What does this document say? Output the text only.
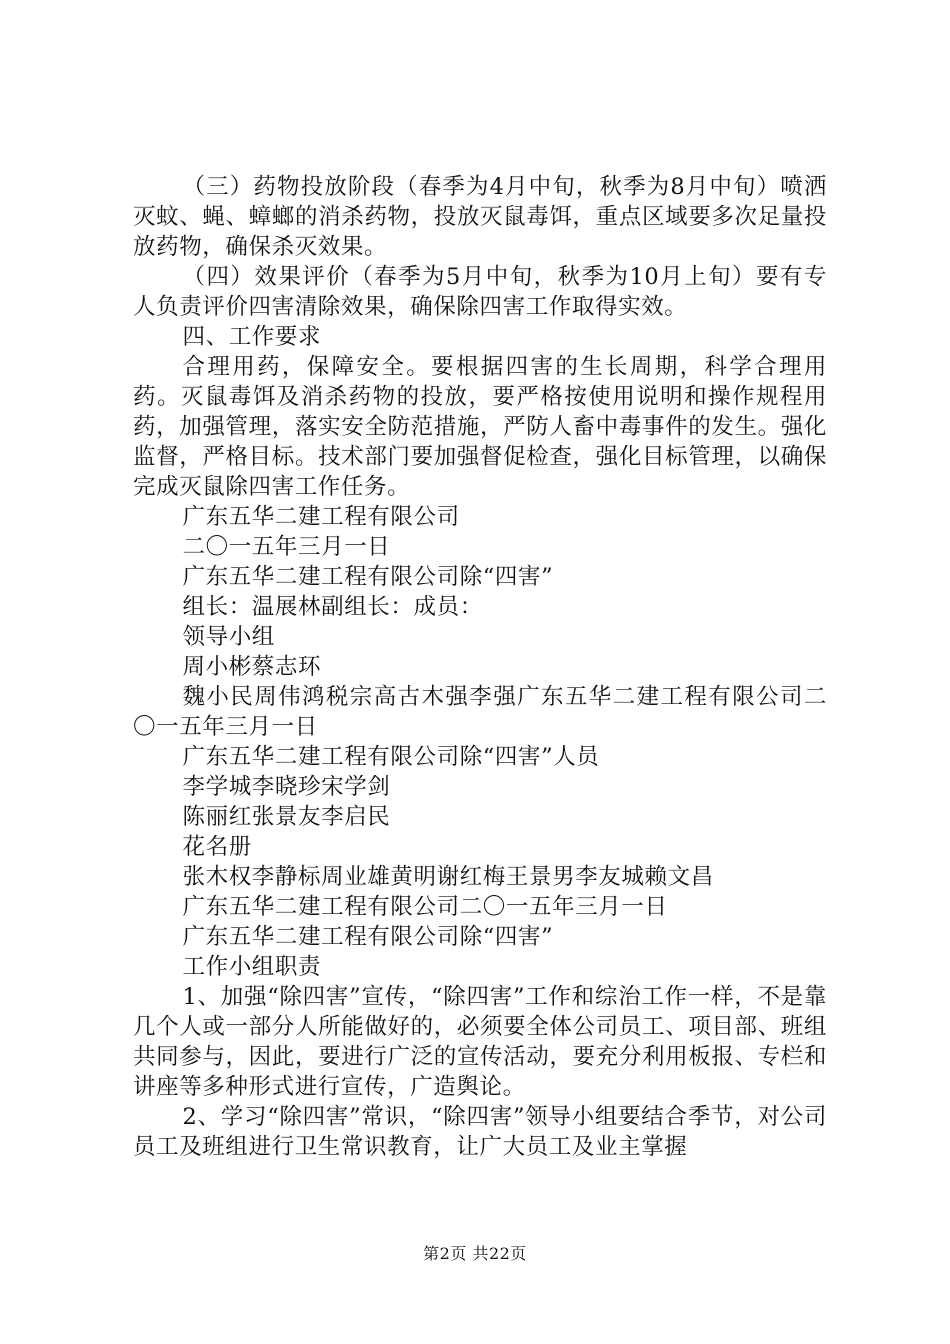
（三）药物投放阶段（春季为4月中旬，秋季为8月中旬）喷洒灭蚊、蝇、蟑螂的消杀药物，投放灭鼠毒饵，重点区域要多次足量投放药物，确保杀灭效果。

（四）效果评价（春季为5月中旬，秋季为10月上旬）要有专人负责评价四害清除效果，确保除四害工作取得实效。

四、工作要求

合理用药，保障安全。要根据四害的生长周期，科学合理用药。灭鼠毒饵及消杀药物的投放，要严格按使用说明和操作规程用药，加强管理，落实安全防范措施，严防人畜中毒事件的发生。强化监督，严格目标。技术部门要加强督促检查，强化目标管理，以确保完成灭鼠除四害工作任务。

广东五华二建工程有限公司

二〇一五年三月一日

广东五华二建工程有限公司除“四害”

组长：温展林副组长：成员：

领导小组

周小彬蔡志环

魏小民周伟鸿税宗高古木强李强广东五华二建工程有限公司二〇一五年三月一日

广东五华二建工程有限公司除“四害”人员

李学城李晓珍宋学剑

陈丽红张景友李启民

花名册

张木权李静标周业雄黄明谢红梅王景男李友城赖文昌

广东五华二建工程有限公司二〇一五年三月一日

广东五华二建工程有限公司除“四害”

工作小组职责

1、加强“除四害”宣传，“除四害”工作和综治工作一样，不是靠几个人或一部分人所能做好的，必须要全体公司员工、项目部、班组共同参与，因此，要进行广泛的宣传活动，要充分利用板报、专栏和讲座等多种形式进行宣传，广造舆论。

2、学习“除四害”常识，“除四害”领导小组要结合季节，对公司员工及班组进行卫生常识教育，让广大员工及业主掌握

第2页 共22页
